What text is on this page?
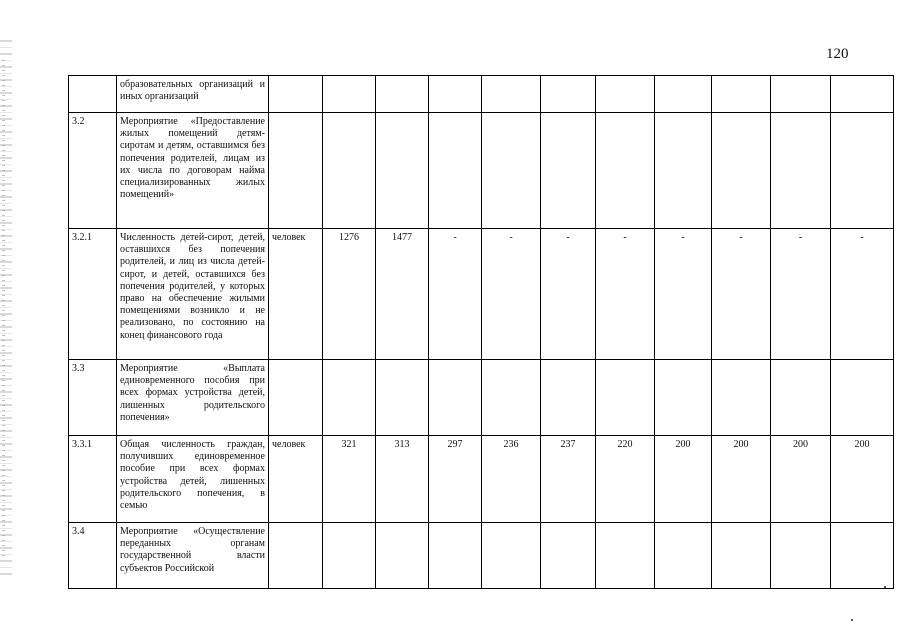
120
	образовательных организаций и иных организаций												
3.2	Мероприятие «Предоставление жилых помещений детям-сиротам и детям, оставшимся без попечения родителей, лицам из их числа по договорам найма специализированных жилых помещений»												
3.2.1	Численность детей-сирот, детей, оставшихся без попечения родителей, и лиц из числа детей-сирот, и детей, оставшихся без попечения родителей, у которых право на обеспечение жилыми помещениями возникло и не реализовано, по состоянию на конец финансового года	человек	1276	1477	-	-	-	-	-	-	-	-	
3.3	Мероприятие «Выплата единовременного пособия при всех формах устройства детей, лишенных родительского попечения»												
3.3.1	Общая численность граждан, получивших единовременное пособие при всех формах устройства детей, лишенных родительского попечения, в семью	человек	321	313	297	236	237	220	200	200	200	200	
3.4	Мероприятие «Осуществление переданных органам государственной власти субъектов Российской												
